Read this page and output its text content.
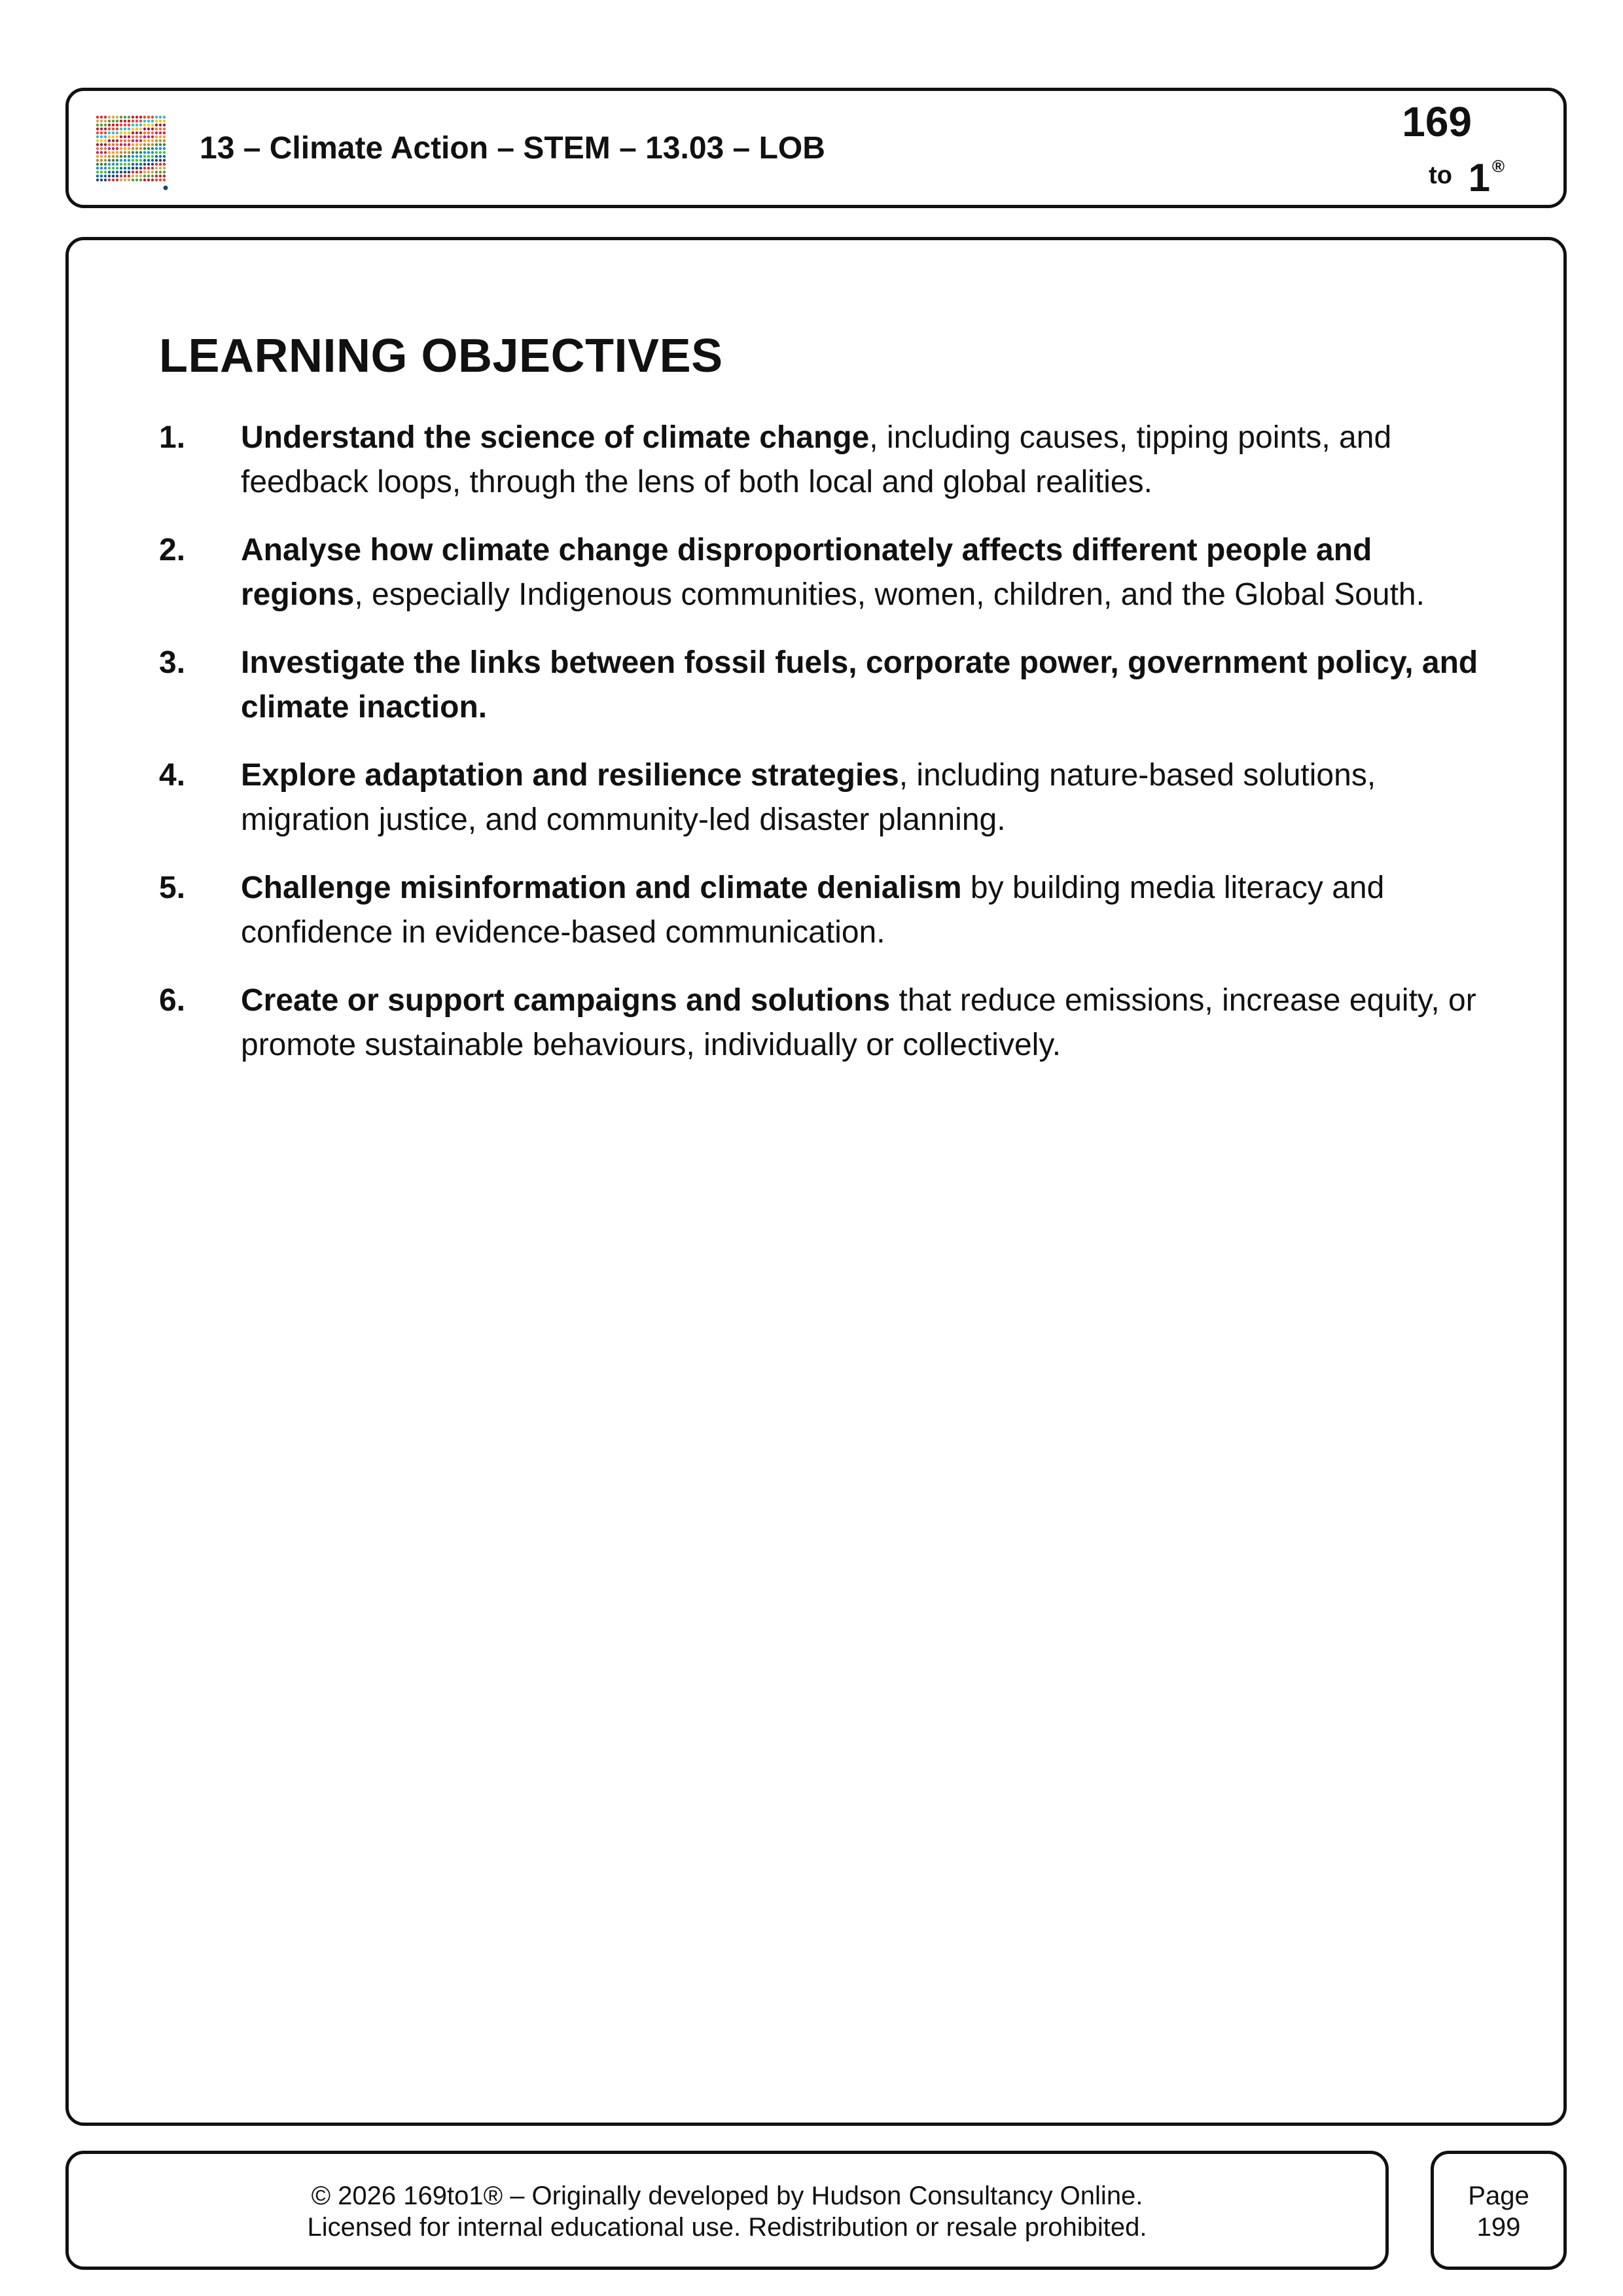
13 – Climate Action – STEM – 13.03 – LOB
169
to 1 ®
LEARNING OBJECTIVES
1.	Understand the science of climate change, including causes, tipping points, and feedback loops, through the lens of both local and global realities.
2.	Analyse how climate change disproportionately affects different people and regions, especially Indigenous communities, women, children, and the Global South.
3.	Investigate the links between fossil fuels, corporate power, government policy, and climate inaction.
4.	Explore adaptation and resilience strategies, including nature-based solutions, migration justice, and community-led disaster planning.
5.	Challenge misinformation and climate denialism by building media literacy and confidence in evidence-based communication.
6.	Create or support campaigns and solutions that reduce emissions, increase equity, or promote sustainable behaviours, individually or collectively.
© 2026 169to1® – Originally developed by Hudson Consultancy Online.
Licensed for internal educational use. Redistribution or resale prohibited.
Page
199
